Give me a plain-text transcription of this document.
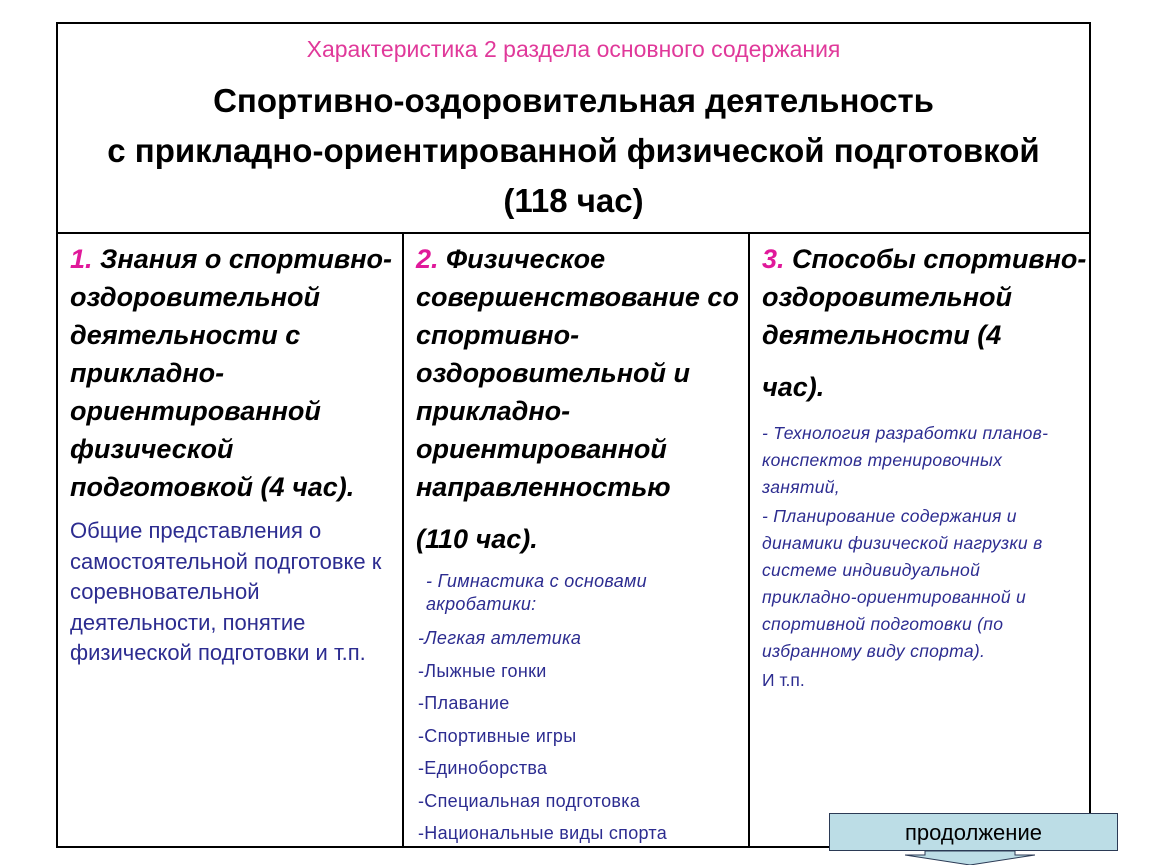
Характеристика 2 раздела основного содержания
Спортивно-оздоровительная деятельность
с прикладно-ориентированной физической подготовкой (118 час)
1. Знания о спортивно-оздоровительной деятельности с прикладно-ориентированной физической подготовкой (4 час).
Общие представления о самостоятельной подготовке к соревновательной деятельности, понятие физической подготовки и т.п.
2. Физическое совершенствование со спортивно-оздоровительной и прикладно-ориентированной направленностью
(110 час).
- Гимнастика с основами акробатики:
-Легкая атлетика
-Лыжные гонки
-Плавание
-Спортивные игры
-Единоборства
-Специальная подготовка
-Национальные виды спорта
3. Способы спортивно-оздоровительной деятельности (4
час).
- Технология разработки планов-конспектов тренировочных занятий,
- Планирование содержания и динамики физической нагрузки в системе индивидуальной прикладно-ориентированной и спортивной подготовки (по избранному виду спорта).
И т.п.
продолжение
